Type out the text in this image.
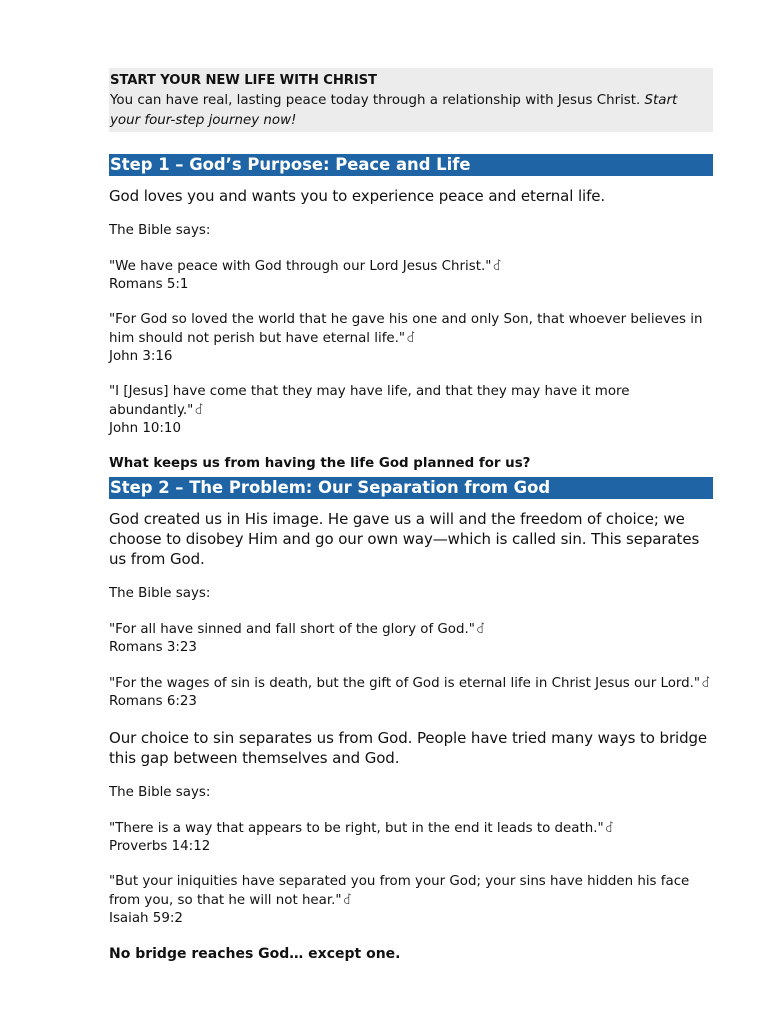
START YOUR NEW LIFE WITH CHRIST
You can have real, lasting peace today through a relationship with Jesus Christ. Start your four-step journey now!
Step 1 – God’s Purpose: Peace and Life
God loves you and wants you to experience peace and eternal life.
The Bible says:
"We have peace with God through our Lord Jesus Christ."ꁐ
Romans 5:1
"For God so loved the world that he gave his one and only Son, that whoever believes in him should not perish but have eternal life."ꁐ
John 3:16
"I [Jesus] have come that they may have life, and that they may have it more abundantly."ꁐ
John 10:10
What keeps us from having the life God planned for us?
Step 2 – The Problem: Our Separation from God
God created us in His image. He gave us a will and the freedom of choice; we choose to disobey Him and go our own way—which is called sin. This separates us from God.
The Bible says:
"For all have sinned and fall short of the glory of God."ꁐ
Romans 3:23
"For the wages of sin is death, but the gift of God is eternal life in Christ Jesus our Lord."ꁐ
Romans 6:23
Our choice to sin separates us from God. People have tried many ways to bridge this gap between themselves and God.
The Bible says:
"There is a way that appears to be right, but in the end it leads to death."ꁐ
Proverbs 14:12
"But your iniquities have separated you from your God; your sins have hidden his face from you, so that he will not hear."ꁐ
Isaiah 59:2
No bridge reaches God… except one.
